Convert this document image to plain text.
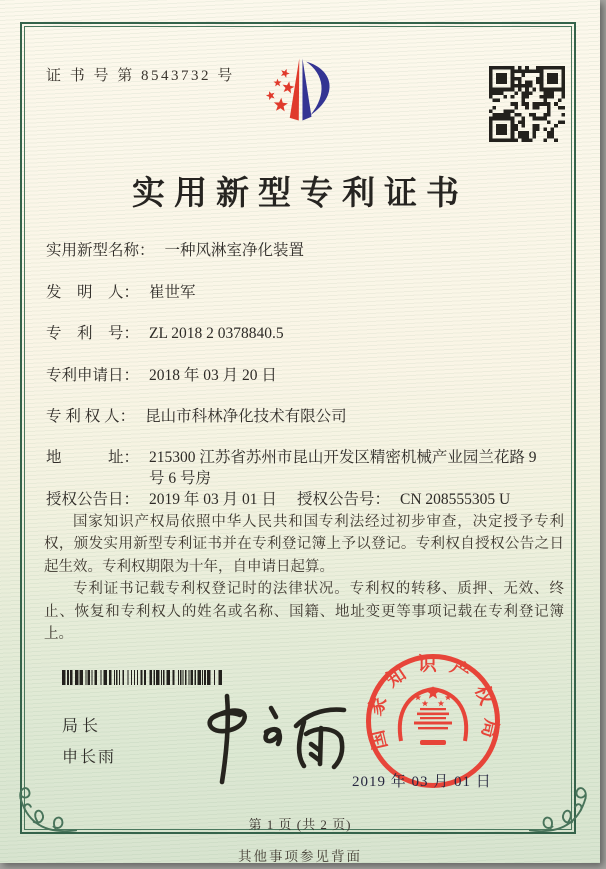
证 书 号 第 8543732 号
实用新型专利证书
实用新型名称： 一种风淋室净化装置
发　明　人： 崔世军
专　利　号： ZL 2018 2 0378840.5
专利申请日： 2018 年 03 月 20 日
专 利 权 人： 昆山市科林净化技术有限公司
地　　　址： 215300 江苏省苏州市昆山开发区精密机械产业园兰花路 9 号 6 号房
授权公告日： 2019 年 03 月 01 日 授权公告号： CN 208555305 U

国家知识产权局依照中华人民共和国专利法经过初步审查，决定授予专利权，颁发实用新型专利证书并在专利登记簿上予以登记。专利权自授权公告之日起生效。专利权期限为十年，自申请日起算。

专利证书记载专利权登记时的法律状况。专利权的转移、质押、无效、终止、恢复和专利权人的姓名或名称、国籍、地址变更等事项记载在专利登记簿上。

局长
申长雨
国家知识产权局
2019 年 03 月 01 日
第 1 页 (共 2 页)
其他事项参见背面
